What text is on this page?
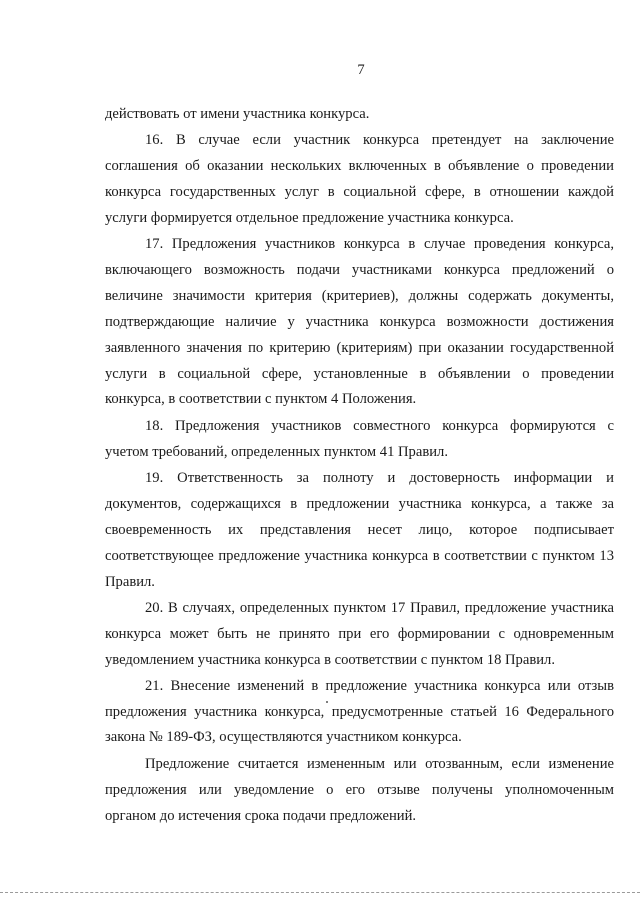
7
действовать от имени участника конкурса.
16. В случае если участник конкурса претендует на заключение
соглашения об оказании нескольких включенных в объявление о проведении
конкурса государственных услуг в социальной сфере, в отношении каждой
услуги формируется отдельное предложение участника конкурса.
17. Предложения участников конкурса в случае проведения конкурса,
включающего возможность подачи участниками конкурса предложений о
величине значимости критерия (критериев), должны содержать документы,
подтверждающие наличие у участника конкурса возможности достижения
заявленного значения по критерию (критериям) при оказании государственной
услуги в социальной сфере, установленные в объявлении о проведении
конкурса, в соответствии с пунктом 4 Положения.
18. Предложения участников совместного конкурса формируются с
учетом требований, определенных пунктом 41 Правил.
19. Ответственность за полноту и достоверность информации и
документов, содержащихся в предложении участника конкурса, а также за
своевременность их представления несет лицо, которое подписывает
соответствующее предложение участника конкурса в соответствии с пунктом 13
Правил.
20. В случаях, определенных пунктом 17 Правил, предложение участника
конкурса может быть не принято при его формировании с одновременным
уведомлением участника конкурса в соответствии с пунктом 18 Правил.
21. Внесение изменений в предложение участника конкурса или отзыв
предложения участника конкурса, предусмотренные статьей 16 Федерального
закона № 189-ФЗ, осуществляются участником конкурса.
Предложение считается измененным или отозванным, если изменение
предложения или уведомление о его отзыве получены уполномоченным
органом до истечения срока подачи предложений.
